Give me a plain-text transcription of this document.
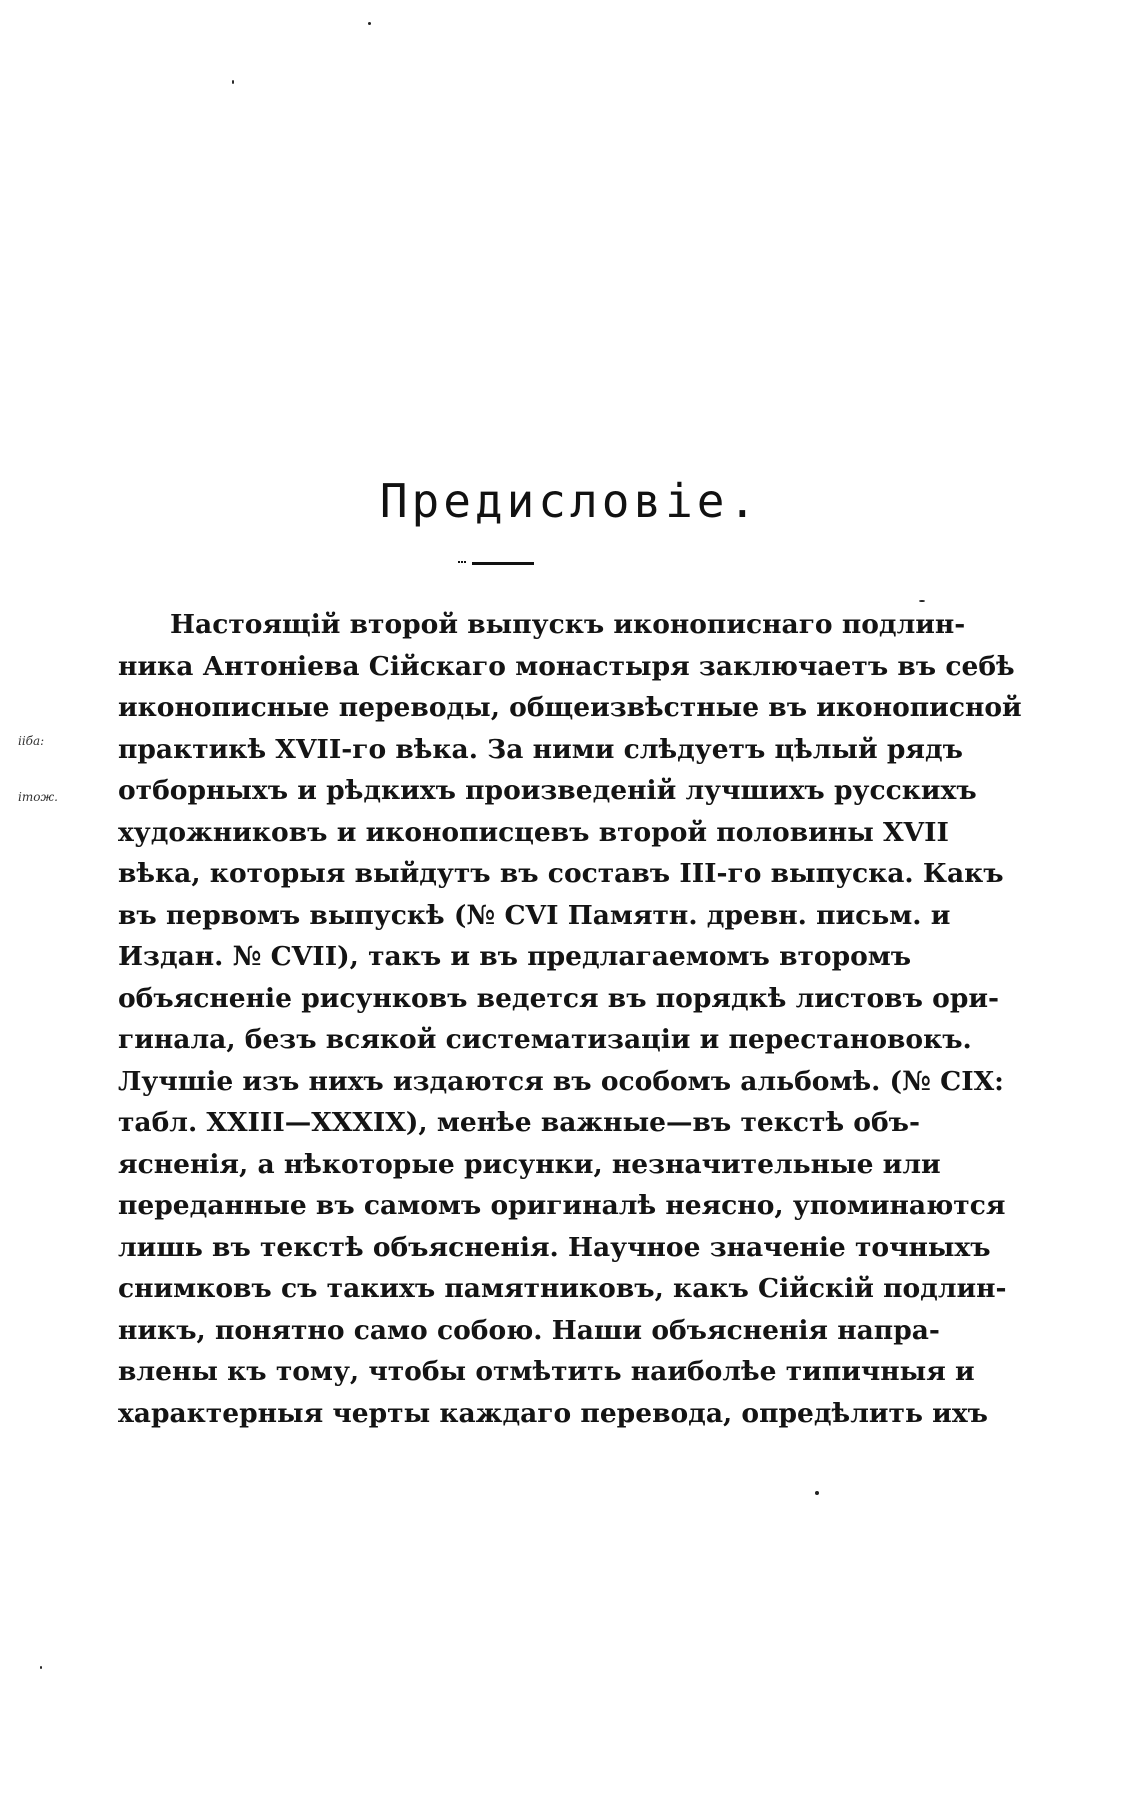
Предисловіе.
ііба:
ітож.
Настоящій второй выпускъ иконописнаго подлин-
ника Антоніева Сійскаго монастыря заключаетъ въ себѣ
иконописные переводы, общеизвѣстные въ иконописной
практикѣ XVII-го вѣка. За ними слѣдуетъ цѣлый рядъ
отборныхъ и рѣдкихъ произведеній лучшихъ русскихъ
художниковъ и иконописцевъ второй половины XVII
вѣка, которыя выйдутъ въ составъ III-го выпуска. Какъ
въ первомъ выпускѣ (№ CVI Памятн. древн. письм. и
Издан. № CVII), такъ и въ предлагаемомъ второмъ
объясненіе рисунковъ ведется въ порядкѣ листовъ ори-
гинала, безъ всякой систематизаціи и перестановокъ.
Лучшіе изъ нихъ издаются въ особомъ альбомѣ. (№ CIX:
табл. XXIII—XXXIX), менѣе важные—въ текстѣ объ-
ясненія, а нѣкоторые рисунки, незначительные или
переданные въ самомъ оригиналѣ неясно, упоминаются
лишь въ текстѣ объясненія. Научное значеніе точныхъ
снимковъ съ такихъ памятниковъ, какъ Сійскій подлин-
никъ, понятно само собою. Наши объясненія напра-
влены къ тому, чтобы отмѣтить наиболѣе типичныя и
характерныя черты каждаго перевода, опредѣлить ихъ
